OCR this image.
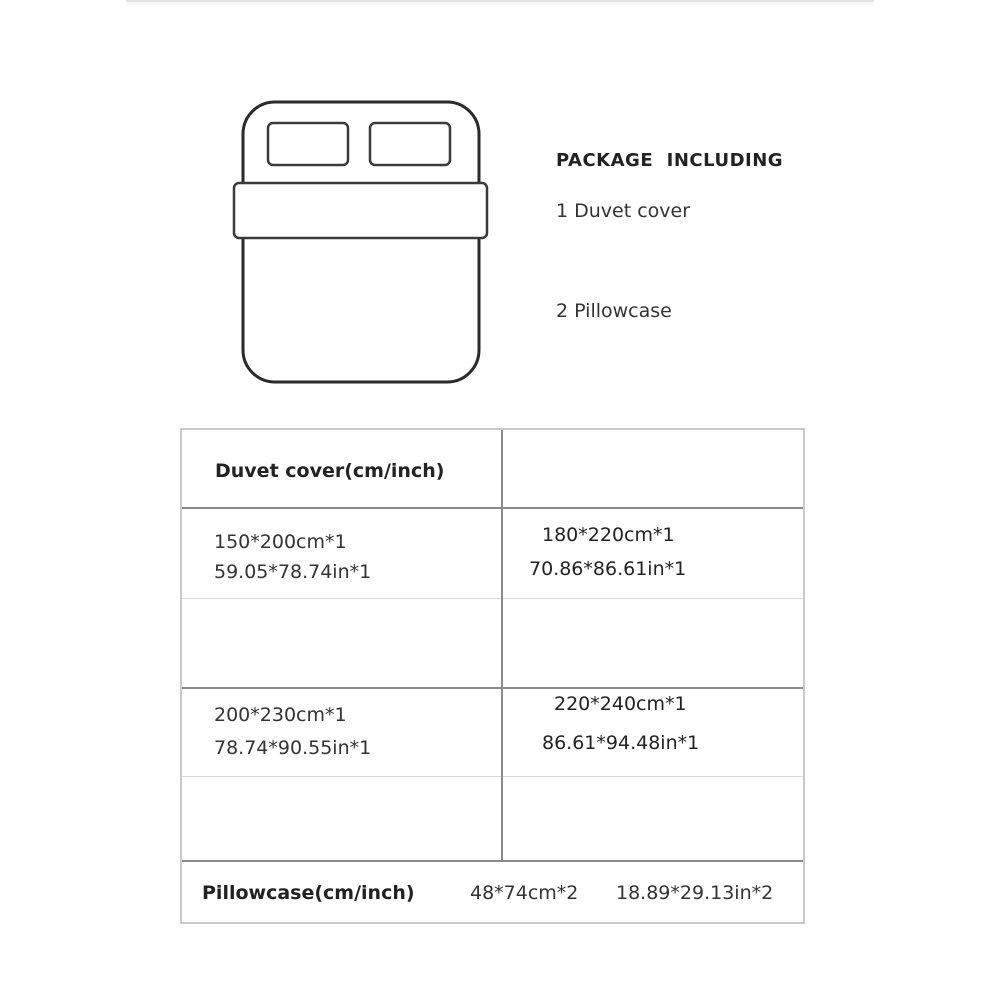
PACKAGE  INCLUDING
1 Duvet cover
2 Pillowcase
Duvet cover(cm/inch)
150*200cm*1
59.05*78.74in*1
180*220cm*1
70.86*86.61in*1
200*230cm*1
78.74*90.55in*1
220*240cm*1
86.61*94.48in*1
Pillowcase(cm/inch)	48*74cm*2 18.89*29.13in*2
